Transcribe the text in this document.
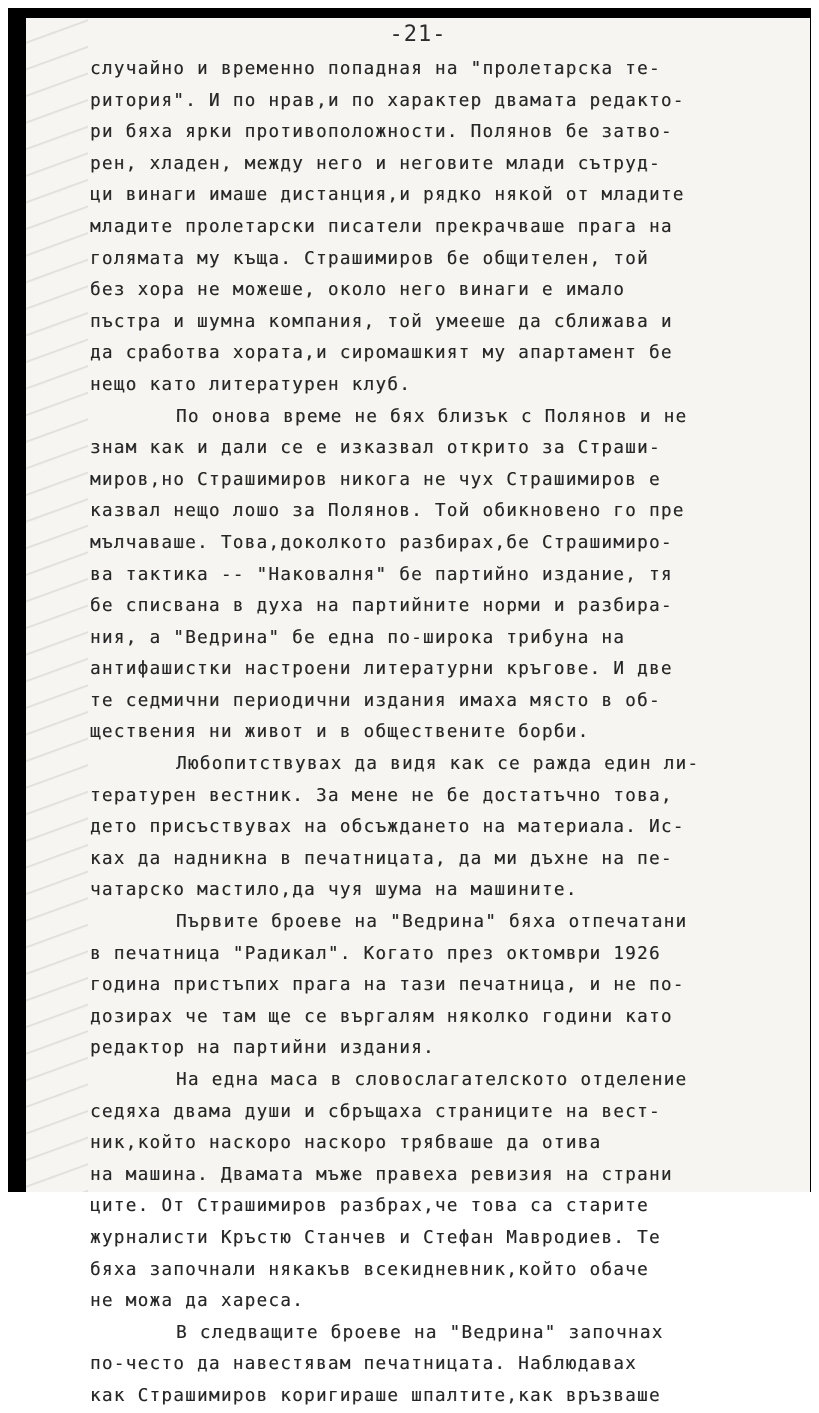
-21-
случайно и временно попадная на "пролетарска те-
ритория". И по нрав,и по характер двамата редакто-
ри бяха ярки противоположности. Полянов бе затво-
рен, хладен, между него и неговите млади сътруд-
ци винаги имаше дистанция,и рядко някой от младите
младите пролетарски писатели прекрачваше прага на
голямата му къща. Страшимиров бе общителен, той
без хора не можеше, около него винаги е имало
пъстра и шумна компания, той умееше да сближава и
да сработва хората,и сиромашкият му апартамент бе
нещо като литературен клуб.
По онова време не бях близък с Полянов и не
знам как и дали се е изказвал открито за Страши-
миров,но Страшимиров никога не чух Страшимиров е
казвал нещо лошо за Полянов. Той обикновено го пре
мълчаваше. Това,доколкото разбирах,бе Страшимиро-
ва тактика -- "Наковалня" бе партийно издание, тя
бе списвана в духа на партийните норми и разбира-
ния, а "Ведрина" бе една по-широка трибуна на
антифашистки настроени литературни кръгове. И две
те седмични периодични издания имаха място в об-
ществения ни живот и в обществените борби.
Любопитствувах да видя как се ражда един ли-
тературен вестник. За мене не бе достатъчно това,
дето присъствувах на обсъждането на материала. Ис-
ках да надникна в печатницата, да ми дъхне на пе-
чатарско мастило,да чуя шума на машините.
Първите броеве на "Ведрина" бяха отпечатани
в печатница "Радикал". Когато през октомври 1926
година пристъпих прага на тази печатница, и не по-
дозирах че там ще се въргалям няколко години като
редактор на партийни издания.
На една маса в словослагателското отделение
седяха двама души и сбръщаха страниците на вест-
ник,който наскоро наскоро трябваше да отива
на машина. Двамата мъже правеха ревизия на страни
ците. От Страшимиров разбрах,че това са старите
журналисти Кръстю Станчев и Стефан Мавродиев. Те
бяха започнали някакъв всекидневник,който обаче
не можа да хареса.
В следващите броеве на "Ведрина" започнах
по-често да навестявам печатницата. Наблюдавах
как Страшимиров коригираше шпалтите,как връзваше
